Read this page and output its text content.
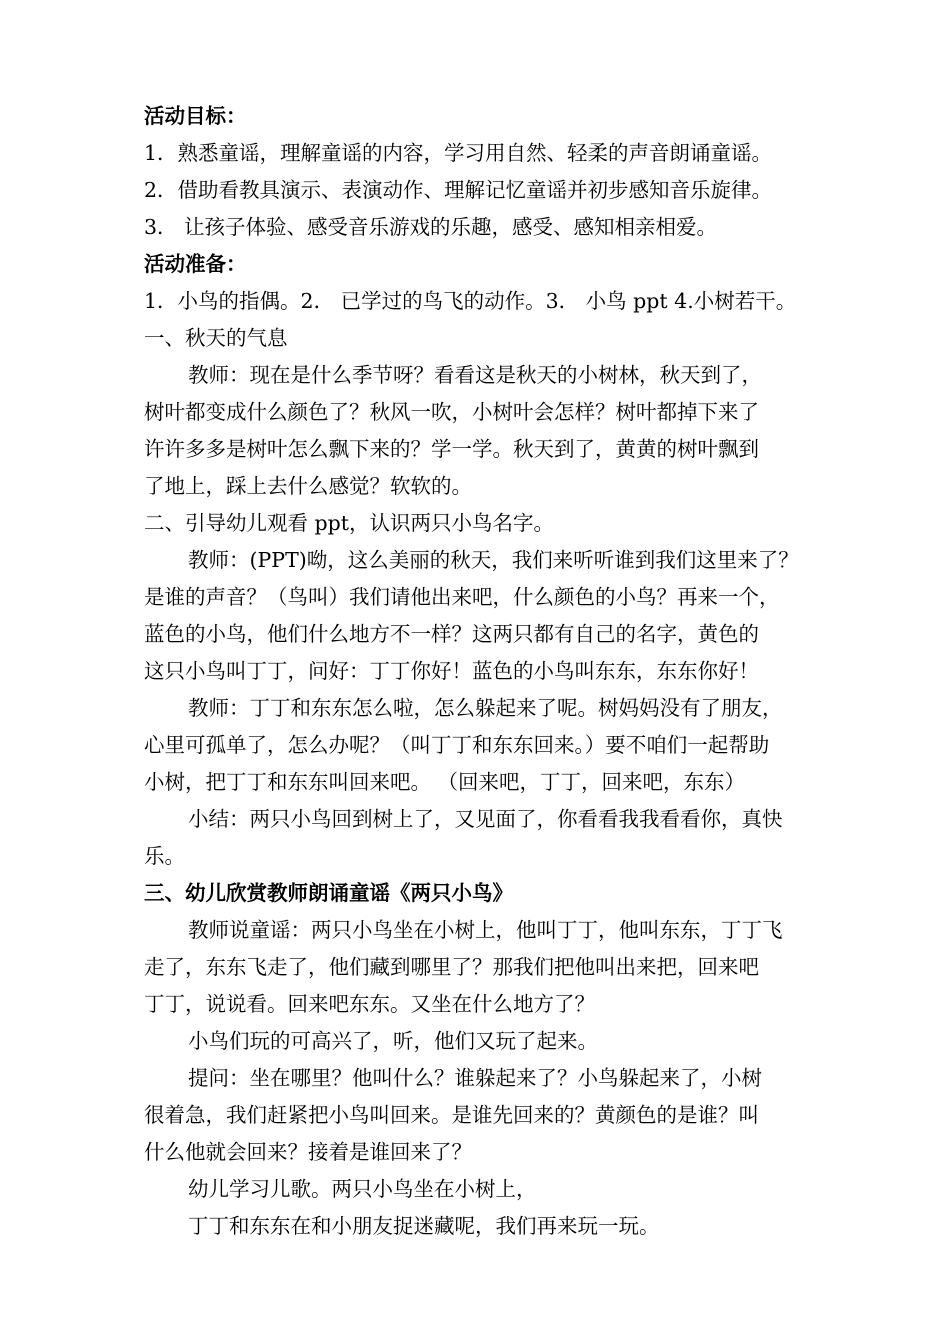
活动目标：
1．熟悉童谣，理解童谣的内容，学习用自然、轻柔的声音朗诵童谣。
2．借助看教具演示、表演动作、理解记忆童谣并初步感知音乐旋律。
3． 让孩子体验、感受音乐游戏的乐趣，感受、感知相亲相爱。
活动准备：
1．小鸟的指偶。2． 已学过的鸟飞的动作。3． 小鸟 ppt 4.小树若干。
一、秋天的气息
教师：现在是什么季节呀？看看这是秋天的小树林，秋天到了，
树叶都变成什么颜色了？秋风一吹，小树叶会怎样？树叶都掉下来了
许许多多是树叶怎么飘下来的？学一学。秋天到了，黄黄的树叶飘到
了地上，踩上去什么感觉？软软的。
二、引导幼儿观看 ppt，认识两只小鸟名字。
教师：(PPT)呦，这么美丽的秋天，我们来听听谁到我们这里来了？
是谁的声音？（鸟叫）我们请他出来吧，什么颜色的小鸟？再来一个，
蓝色的小鸟，他们什么地方不一样？这两只都有自己的名字，黄色的
这只小鸟叫丁丁，问好：丁丁你好！蓝色的小鸟叫东东，东东你好！
教师：丁丁和东东怎么啦，怎么躲起来了呢。树妈妈没有了朋友，
心里可孤单了，怎么办呢？（叫丁丁和东东回来。）要不咱们一起帮助
小树，把丁丁和东东叫回来吧。 （回来吧，丁丁，回来吧，东东）
小结：两只小鸟回到树上了，又见面了，你看看我我看看你，真快
乐。
三、幼儿欣赏教师朗诵童谣《两只小鸟》
教师说童谣：两只小鸟坐在小树上，他叫丁丁，他叫东东，丁丁飞
走了，东东飞走了，他们藏到哪里了？那我们把他叫出来把，回来吧
丁丁，说说看。回来吧东东。又坐在什么地方了？
小鸟们玩的可高兴了，听，他们又玩了起来。
提问：坐在哪里？他叫什么？谁躲起来了？小鸟躲起来了，小树
很着急，我们赶紧把小鸟叫回来。是谁先回来的？黄颜色的是谁？叫
什么他就会回来？接着是谁回来了？
幼儿学习儿歌。两只小鸟坐在小树上，
丁丁和东东在和小朋友捉迷藏呢，我们再来玩一玩。
